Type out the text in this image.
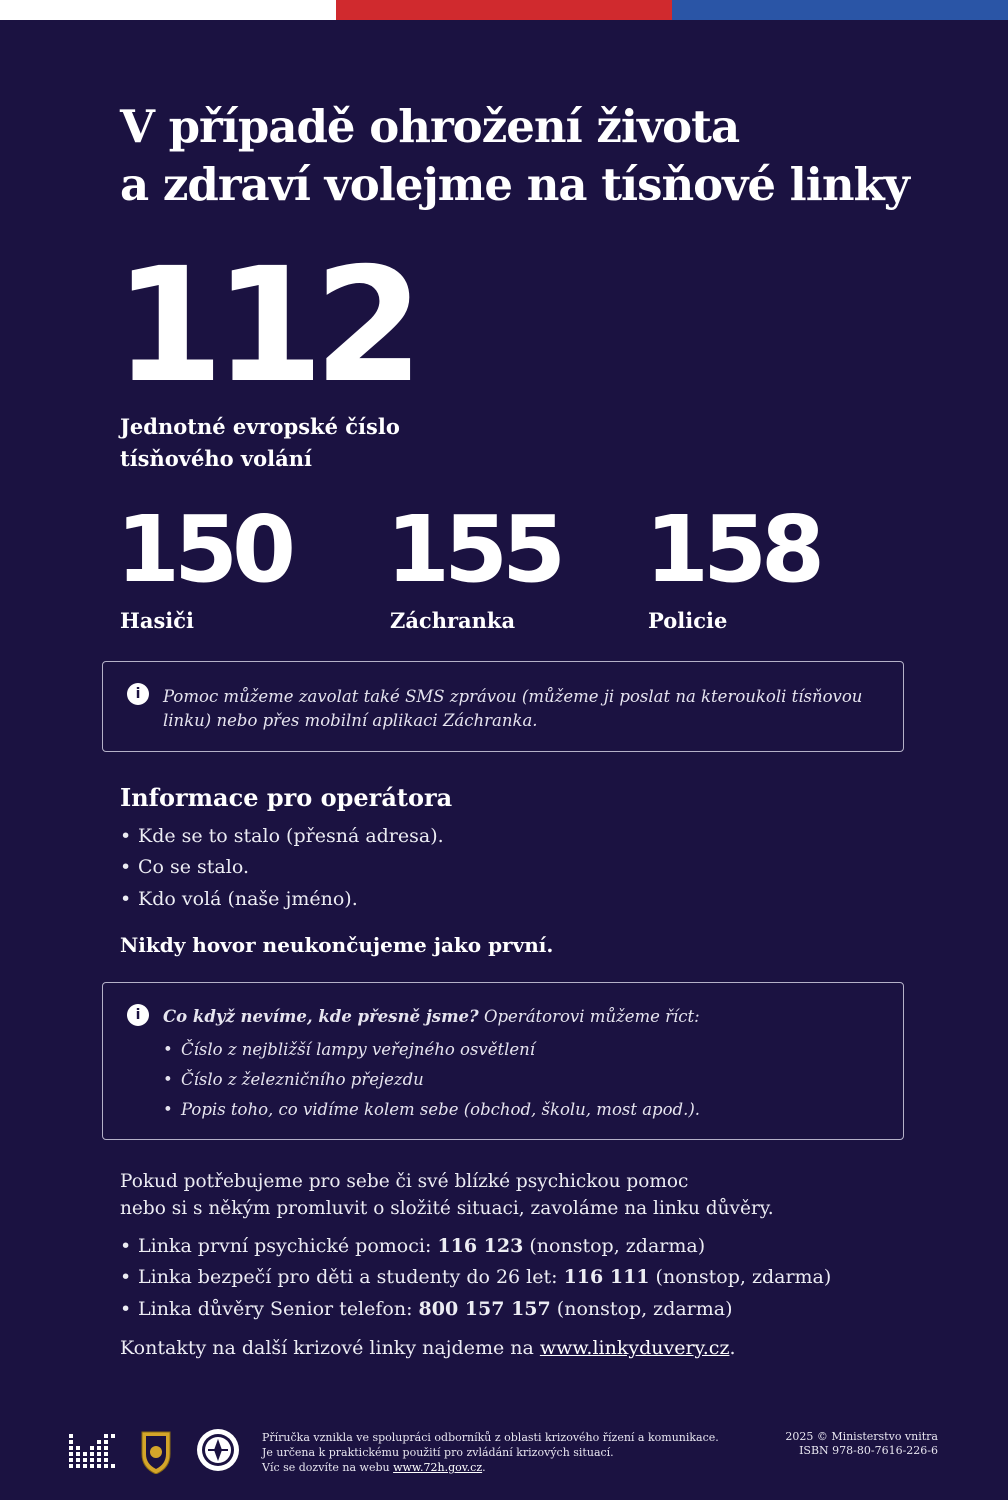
V případě ohrožení života
a zdraví volejme na tísňové linky
112
Jednotné evropské číslo
tísňového volání
150
Hasiči
155
Záchranka
158
Policie
i	Pomoc můžeme zavolat také SMS zprávou (můžeme ji poslat na kteroukoli tísňovou linku) nebo přes mobilní aplikaci Záchranka.
Informace pro operátora
• Kde se to stalo (přesná adresa).
• Co se stalo.
• Kdo volá (naše jméno).
Nikdy hovor neukončujeme jako první.
i	Co když nevíme, kde přesně jsme? Operátorovi můžeme říct:
• Číslo z nejbližší lampy veřejného osvětlení
• Číslo z železničního přejezdu
• Popis toho, co vidíme kolem sebe (obchod, školu, most apod.).
Pokud potřebujeme pro sebe či své blízké psychickou pomoc
nebo si s někým promluvit o složité situaci, zavoláme na linku důvěry.
• Linka první psychické pomoci: 116 123 (nonstop, zdarma)
• Linka bezpečí pro děti a studenty do 26 let: 116 111 (nonstop, zdarma)
• Linka důvěry Senior telefon: 800 157 157 (nonstop, zdarma)
Kontakty na další krizové linky najdeme na www.linkyduvery.cz.
Příručka vznikla ve spolupráci odborníků z oblasti krizového řízení a komunikace.
Je určena k praktickému použití pro zvládání krizových situací.
Víc se dozvíte na webu www.72h.gov.cz.
2025 © Ministerstvo vnitra
ISBN 978-80-7616-226-6
